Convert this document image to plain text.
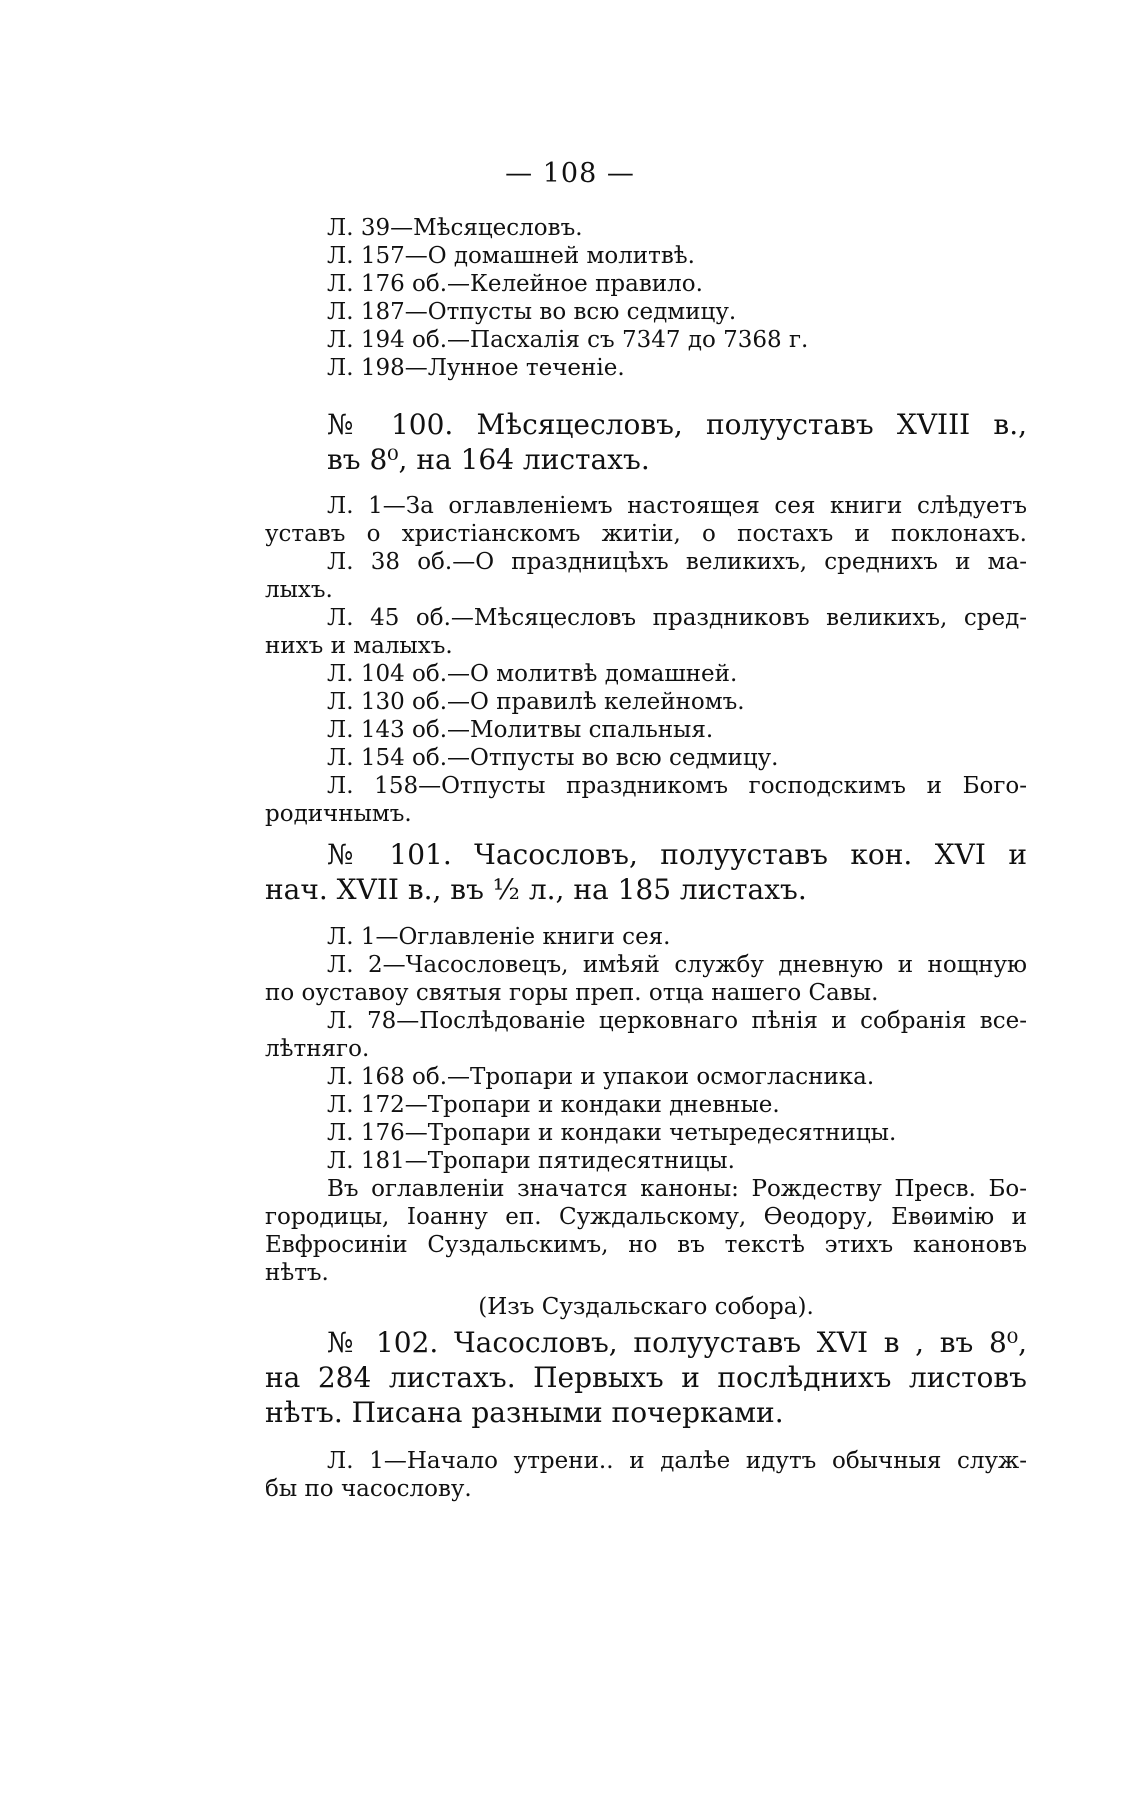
— 108 —
Л. 39—Мѣсяцесловъ.
Л. 157—О домашней молитвѣ.
Л. 176 об.—Келейное правило.
Л. 187—Отпусты во всю седмицу.
Л. 194 об.—Пасхалія съ 7347 до 7368 г.
Л. 198—Лунное теченіе.
№ 100. Мѣсяцесловъ, полууставъ XVIII в.,
въ 8⁰, на 164 листахъ.
Л. 1—За оглавленіемъ настоящея сея книги слѣдуетъ
уставъ о христіанскомъ житіи, о постахъ и поклонахъ.
Л. 38 об.—О праздницѣхъ великихъ, среднихъ и ма-
лыхъ.
Л. 45 об.—Мѣсяцесловъ праздниковъ великихъ, сред-
нихъ и малыхъ.
Л. 104 об.—О молитвѣ домашней.
Л. 130 об.—О правилѣ келейномъ.
Л. 143 об.—Молитвы спальныя.
Л. 154 об.—Отпусты во всю седмицу.
Л. 158—Отпусты праздникомъ господскимъ и Бого-
родичнымъ.
№ 101. Часословъ, полууставъ кон. XVI и
нач. XVII в., въ ½ л., на 185 листахъ.
Л. 1—Оглавленіе книги сея.
Л. 2—Часословецъ, имѣяй службу дневную и нощную
по оуставоу святыя горы преп. отца нашего Савы.
Л. 78—Послѣдованіе церковнаго пѣнія и собранія все-
лѣтняго.
Л. 168 об.—Тропари и упакои осмогласника.
Л. 172—Тропари и кондаки дневные.
Л. 176—Тропари и кондаки четыредесятницы.
Л. 181—Тропари пятидесятницы.
Въ оглавленіи значатся каноны: Рождеству Пресв. Бо-
городицы, Іоанну еп. Суждальскому, Ѳеодору, Евѳимію и
Евфросиніи Суздальскимъ, но въ текстѣ этихъ каноновъ
нѣтъ.
(Изъ Суздальскаго собора).
№ 102. Часословъ, полууставъ XVI в , въ 8⁰,
на 284 листахъ. Первыхъ и послѣднихъ листовъ
нѣтъ. Писана разными почерками.
Л. 1—Начало утрени.. и далѣе идутъ обычныя служ-
бы по часослову.
